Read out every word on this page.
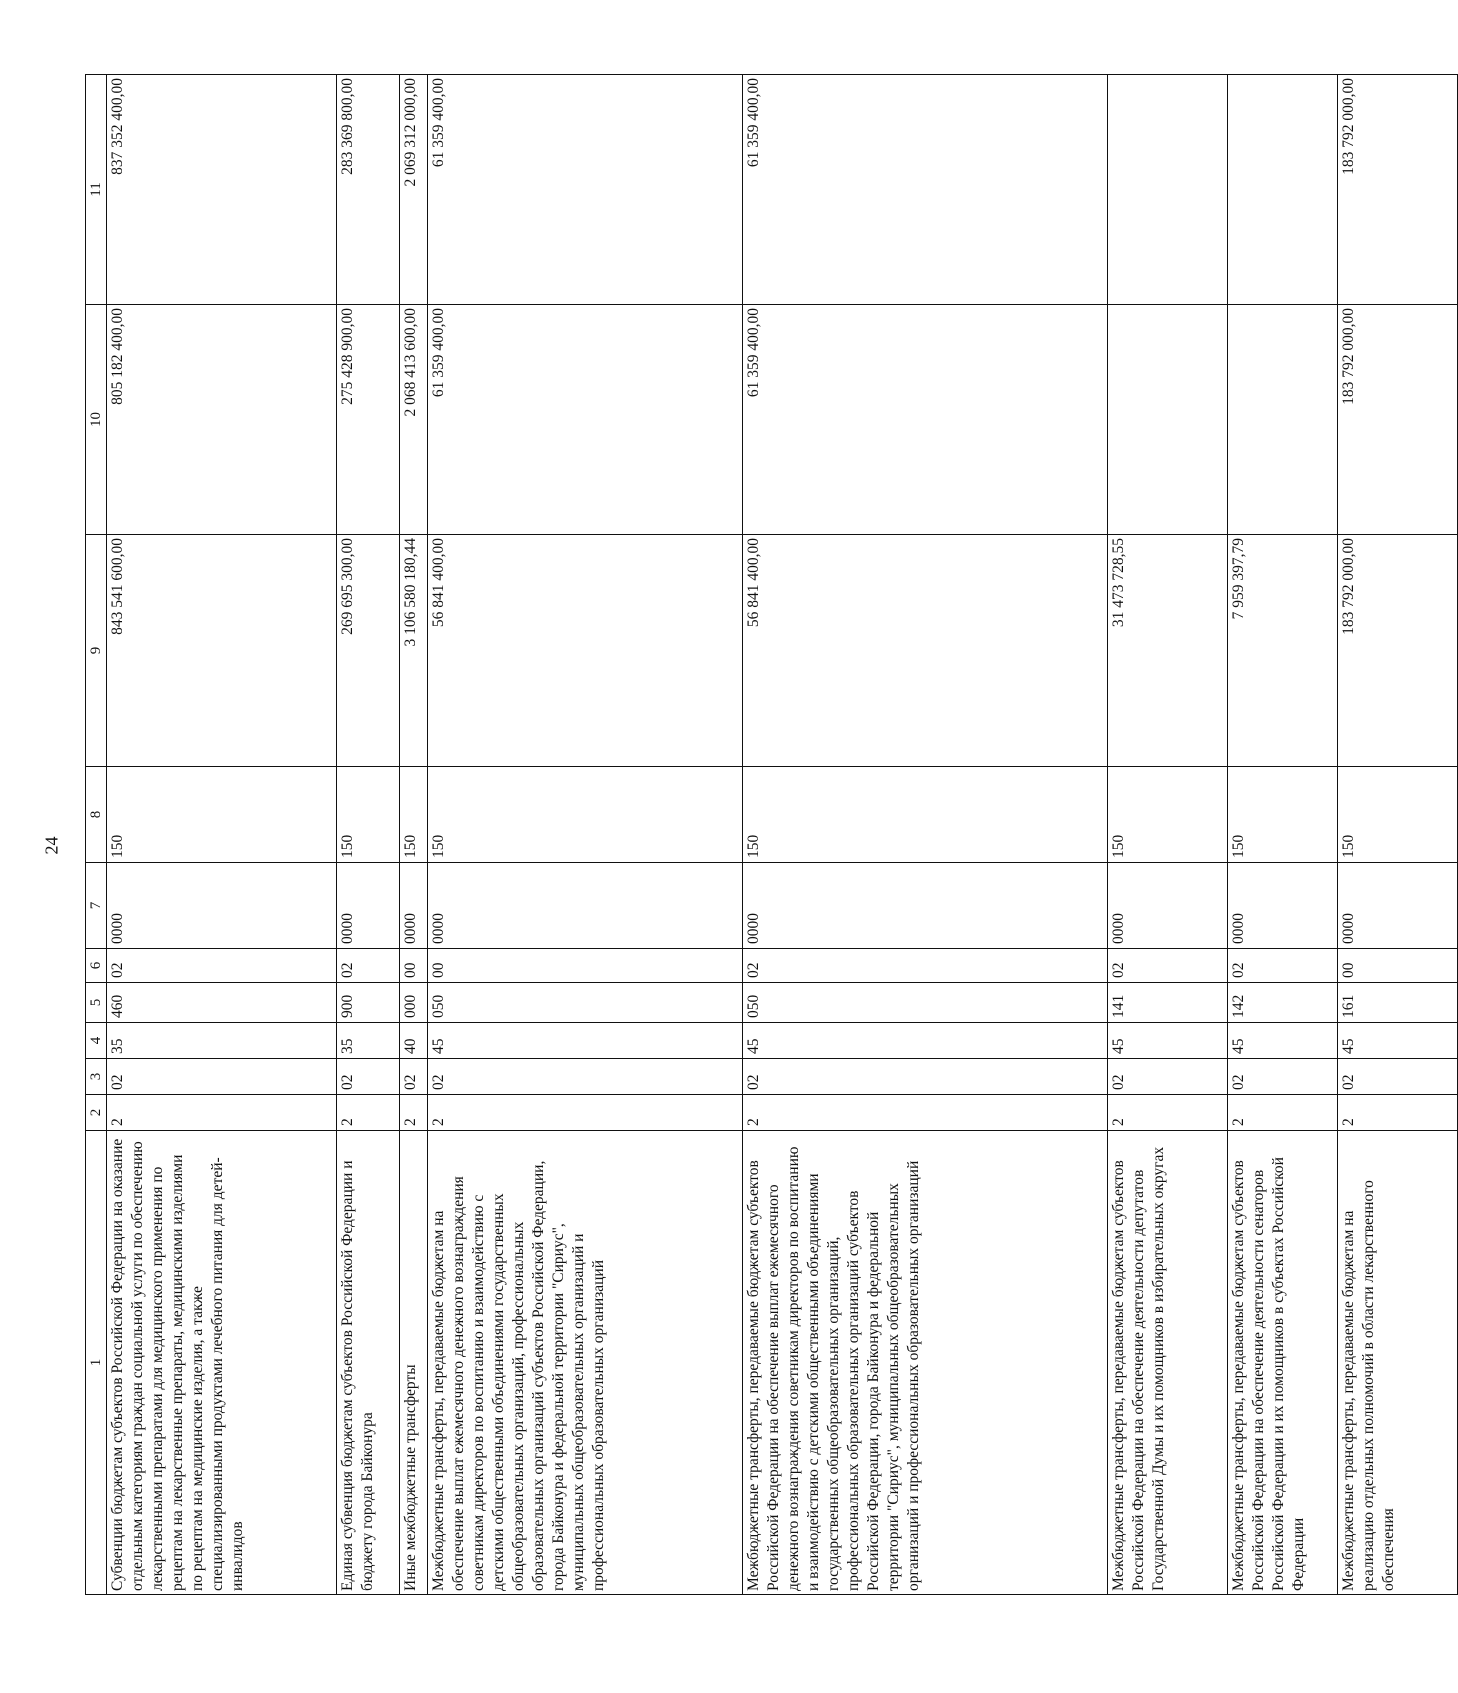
24
1	2	3	4	5	6	7	8	9	10	11
Субвенции бюджетам субъектов Российской Федерации на оказание отдельным категориям граждан социальной услуги по обеспечению лекарственными препаратами для медицинского применения по рецептам на лекарственные препараты, медицинскими изделиями по рецептам на медицинские изделия, а также специализированными продуктами лечебного питания для детей-инвалидов	2	02	35	460	02	0000	150	843 541 600,00	805 182 400,00	837 352 400,00
Единая субвенция бюджетам субъектов Российской Федерации и бюджету города Байконура	2	02	35	900	02	0000	150	269 695 300,00	275 428 900,00	283 369 800,00
Иные межбюджетные трансферты	2	02	40	000	00	0000	150	3 106 580 180,44	2 068 413 600,00	2 069 312 000,00
Межбюджетные трансферты, передаваемые бюджетам на обеспечение выплат ежемесячного денежного вознаграждения советникам директоров по воспитанию и взаимодействию с детскими общественными объединениями государственных общеобразовательных организаций, профессиональных образовательных организаций субъектов Российской Федерации, города Байконура и федеральной территории "Сириус", муниципальных общеобразовательных организаций и профессиональных образовательных организаций	2	02	45	050	00	0000	150	56 841 400,00	61 359 400,00	61 359 400,00
Межбюджетные трансферты, передаваемые бюджетам субъектов Российской Федерации на обеспечение выплат ежемесячного денежного вознаграждения советникам директоров по воспитанию и взаимодействию с детскими общественными объединениями государственных общеобразовательных организаций, профессиональных образовательных организаций субъектов Российской Федерации, города Байконура и федеральной территории "Сириус", муниципальных общеобразовательных организаций и профессиональных образовательных организаций	2	02	45	050	02	0000	150	56 841 400,00	61 359 400,00	61 359 400,00
Межбюджетные трансферты, передаваемые бюджетам субъектов Российской Федерации на обеспечение деятельности депутатов Государственной Думы и их помощников в избирательных округах	2	02	45	141	02	0000	150	31 473 728,55		
Межбюджетные трансферты, передаваемые бюджетам субъектов Российской Федерации на обеспечение деятельности сенаторов Российской Федерации и их помощников в субъектах Российской Федерации	2	02	45	142	02	0000	150	7 959 397,79		
Межбюджетные трансферты, передаваемые бюджетам на реализацию отдельных полномочий в области лекарственного обеспечения	2	02	45	161	00	0000	150	183 792 000,00	183 792 000,00	183 792 000,00
